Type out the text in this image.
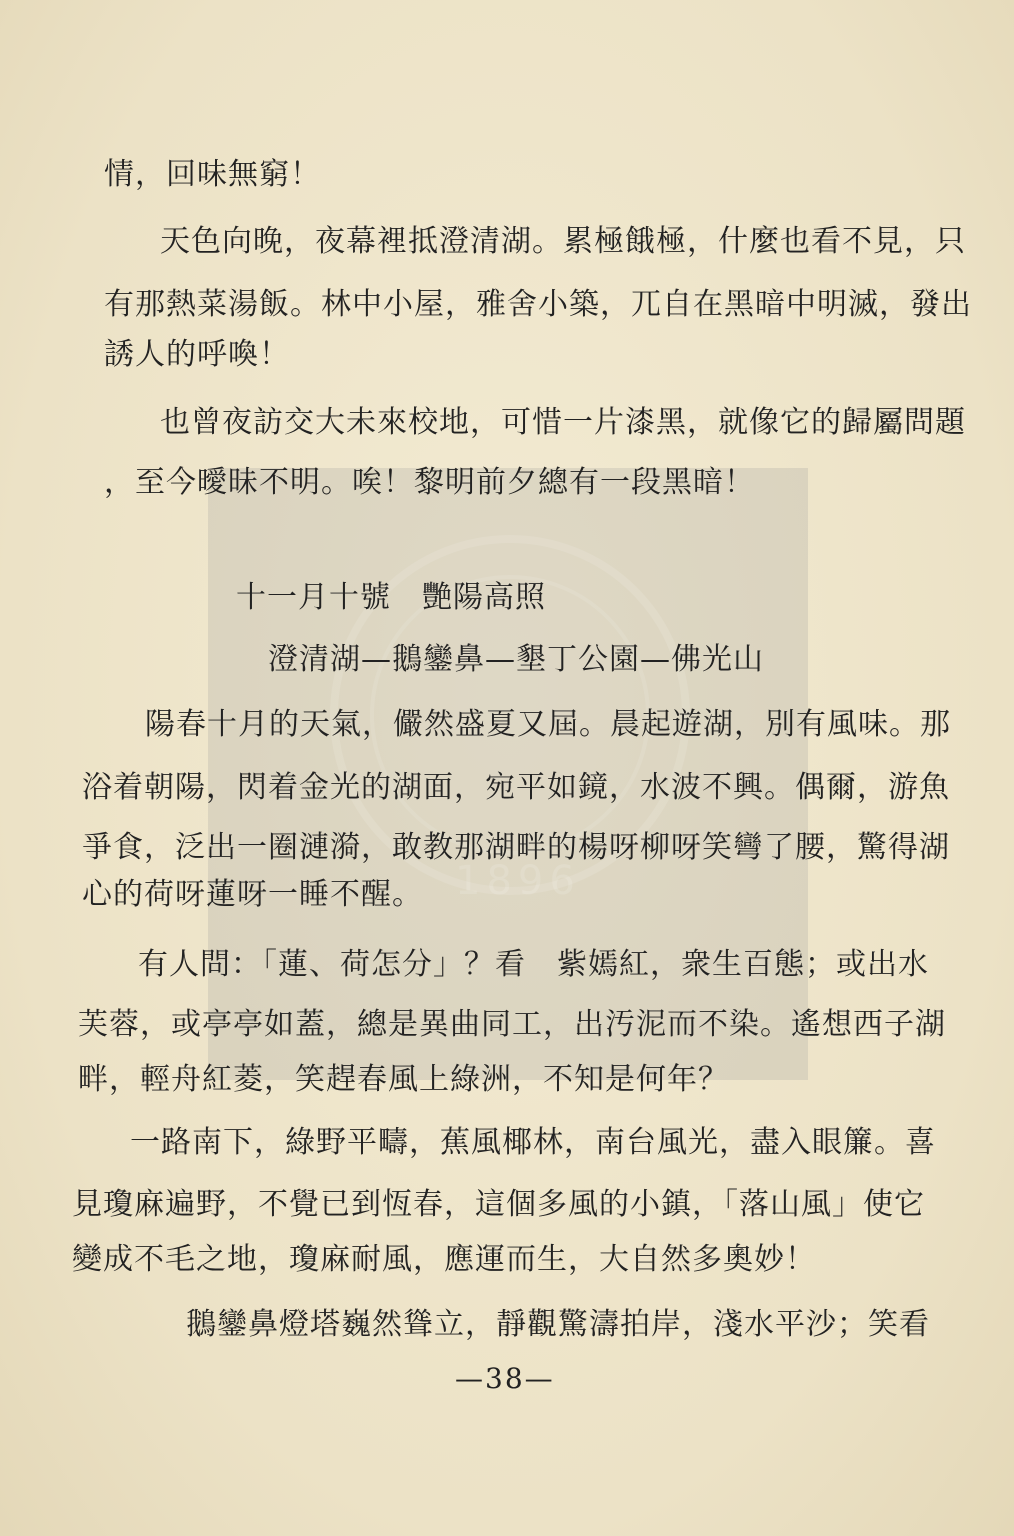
1896
情，回味無窮！
天色向晚，夜幕裡抵澄清湖。累極餓極，什麼也看不見，只
有那熱菜湯飯。林中小屋，雅舍小築，兀自在黑暗中明滅，發出
誘人的呼喚！
也曾夜訪交大未來校地，可惜一片漆黑，就像它的歸屬問題
，至今曖昧不明。唉！黎明前夕總有一段黑暗！
十一月十號　艷陽高照
澄清湖—鵝鑾鼻—墾丁公園—佛光山
陽春十月的天氣，儼然盛夏又屆。晨起遊湖，別有風味。那
浴着朝陽，閃着金光的湖面，宛平如鏡，水波不興。偶爾，游魚
爭食，泛出一圈漣漪，敢教那湖畔的楊呀柳呀笑彎了腰，驚得湖
心的荷呀蓮呀一睡不醒。
有人問：「蓮、荷怎分」？看　紫嫣紅，衆生百態；或出水
芙蓉，或亭亭如蓋，總是異曲同工，出汚泥而不染。遙想西子湖
畔，輕舟紅菱，笑趕春風上綠洲，不知是何年？
一路南下，綠野平疇，蕉風椰林，南台風光，盡入眼簾。喜
見瓊麻遍野，不覺已到恆春，這個多風的小鎮，「落山風」使它
變成不毛之地，瓊麻耐風，應運而生，大自然多奧妙！
鵝鑾鼻燈塔巍然聳立，靜觀驚濤拍岸，淺水平沙；笑看
—38—
